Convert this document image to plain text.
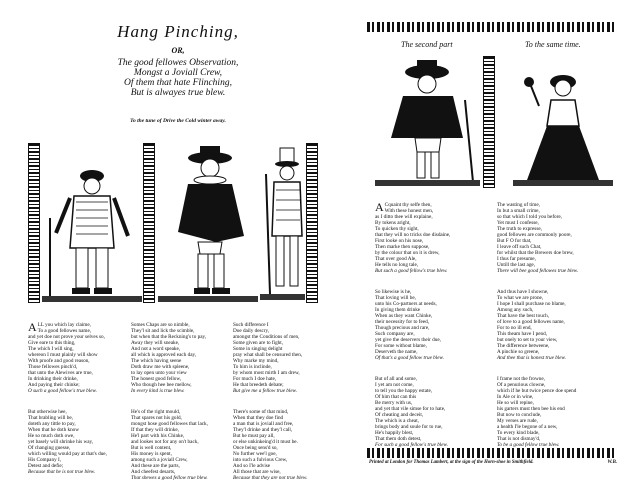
Hang Pinching,
OR,
The good fellowes Observation,
Mongst a Joviall Crew,
Of them that hate Flinching,
But is alwayes true blew.
To the tune of Drive the Cold winter away.

ALL you which lay claime,
To a good fellowes name,
and yet doe not prove your selves so,
Give eare to this thing,
The which I will sing,
whereon I must plainly will show
With proofe and good reason,
Those fellowes pinch'd,
that unto the Alewives are true,
In drinking their drinke,
And paying their chinke;

O such a good fellow's true blew.

But otherwise hee,
That brabling will be,
doteth any tittle to pay,
When that he doth know
He so much doth owe,
yet basely will shrinke his way,
Of changing guesse,
which willing would pay at that's due,
His Company I,
Detest and defie;

Because that he is not true blew.

Somes Chaps are so nimble,
They'l sit and lick the scimble,
but when that the Reckning's to pay,
Away they will sneake,
And not a word speake,
all which is approved each day,
The which having seene
Doth draw me with spleene,
to lay open unto your view
The honest good fellow,
Who though hee bee mellow,

In every kind is true blew.

He's of the right mould,
That spares not his gold,
mongst hose good fellowes that lack,
If that they will drinke,
He'l part with his Chinke,
and lookes not for any on't back,
But is well content,
His money is spent,
among such a joviall Crew,
And these are the parts,
And cheefest desarts,

That shewes a good fellow true blew.

Such difference I
Doe daily descry,
amongst the Conditions of men,
Some given are to fight,
Some in singing delight
pray what shall be censured then,
Why marke my mind,
To him is inclinde,
by whom most mirth I am drew,
For much I doe hate,
He that breedeth debate;

But give me a fellow true blew.

There's some of that mind,
When that they doe find
a man that is joviall and free,
They'l drinke and they'l call,
But he must pay all,
or else unkinkeing'd it must be.
Once being sens'd so,
No further wee'l goe,
into such a fulvious Crew,
And so I'le advise
All those that are wise,

Because that they are not true blew.

The second part	To the same time.

A Cquaint thy selfe then,
With these honest men,
as I ditto thee will explaine,
By tokens aright,
To quicken thy sight,
that they will no tricks doe disdaine,
First looke on his nose,
Then marke then suppose,
by the colour that on it is drew,
That over good Ale,
He tells no long tale,

But such a good fellow's true blew.

So likewise is he,
That loving will be,
unto his Co-partners at needs,
In giving them drinke
When as they want Chinke,
their necessity for to feed,
Though precious and rare,
Such company are,
yet give the deservers their due,
For some without blame,
Deserveth the name,

Of that's a good fellow true blew.

But of all and some,
I yet am not come,
to tell you the happy estate,
Of him that can this
Be merry with us,
and yet that vile simse for to hate,
Of cheating and deceit,
The which is a cheat,
brings body and soule for to rue,
He's happily blest,
That them doth detest,

For such a good fellow's true blew.

The wasting of time,
In but a small crime,
so that which I told you before,
Yet must I confesse,
The truth to expresse,
good fellowes are commonly poore,
But F O for that,
I leave off such Chat,
for whilst that the Brewers doe brew,
I thus far presume,
Untill the last age,

There will bee good fellowes true blew.

And thus have I showne,
To what we are prone,
I hope I shall purchase no blame,
Among any such,
That have the best touch,
of love to a good fellowes name,
For to no ill end,
This theam have I pend,
but onely to set to your view,
The difference betweene,
A pinchie so greene,

And thee that is honest true blew.

I frame not the frowne,
Of a penurious clowne,
which if he but twice pence doe spend
In Ale or in wine,
He so will repine,
his garters must then bee his end
But now to conclude,
My verses are rude,
a health I'le begone of a new,
To every kind blade,
That is not dismay'd,

To be a good fellow true blew.

Printed at London for Thomas Lambert, at the sign of the Horn-shoe in Smithfield.	W.B.
